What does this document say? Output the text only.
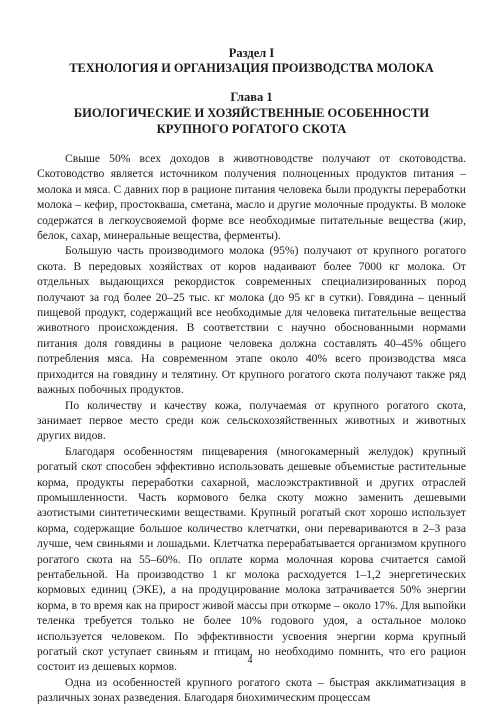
Раздел I

ТЕХНОЛОГИЯ И ОРГАНИЗАЦИЯ ПРОИЗВОДСТВА МОЛОКА

Глава 1

БИОЛОГИЧЕСКИЕ И ХОЗЯЙСТВЕННЫЕ ОСОБЕННОСТИ
КРУПНОГО РОГАТОГО СКОТА

Свыше 50% всех доходов в животноводстве получают от скотоводства. Скотоводство является источником получения полноценных продуктов питания – молока и мяса. С давних пор в рационе питания человека были продукты переработки молока – кефир, простокваша, сметана, масло и другие молочные продукты. В молоке содержатся в легкоусвояемой форме все необходимые питательные вещества (жир, белок, сахар, минеральные вещества, ферменты).

Большую часть производимого молока (95%) получают от крупного рогатого скота. В передовых хозяйствах от коров надаивают более 7000 кг молока. От отдельных выдающихся рекордисток современных специализированных пород получают за год более 20–25 тыс. кг молока (до 95 кг в сутки). Говядина – ценный пищевой продукт, содержащий все необходимые для человека питательные вещества животного происхождения. В соответствии с научно обоснованными нормами питания доля говядины в рационе человека должна составлять 40–45% общего потребления мяса. На современном этапе около 40% всего производства мяса приходится на говядину и телятину. От крупного рогатого скота получают также ряд важных побочных продуктов.

По количеству и качеству кожа, получаемая от крупного рогатого скота, занимает первое место среди кож сельскохозяйственных животных и животных других видов.

Благодаря особенностям пищеварения (многокамерный желудок) крупный рогатый скот способен эффективно использовать дешевые объемистые растительные корма, продукты переработки сахарной, маслоэкстрактивной и других отраслей промышленности. Часть кормового белка скоту можно заменить дешевыми азотистыми синтетическими веществами. Крупный рогатый скот хорошо использует корма, содержащие большое количество клетчатки, они перевариваются в 2–3 раза лучше, чем свиньями и лошадьми. Клетчатка перерабатывается организмом крупного рогатого скота на 55–60%. По оплате корма молочная корова считается самой рентабельной. На производство 1 кг молока расходуется 1–1,2 энергетических кормовых единиц (ЭКЕ), а на продуцирование молока затрачивается 50% энергии корма, в то время как на прирост живой массы при откорме – около 17%. Для выпойки теленка требуется только не более 10% годового удоя, а остальное молоко используется человеком. По эффективности усвоения энергии корма крупный рогатый скот уступает свиньям и птицам, но необходимо помнить, что его рацион состоит из дешевых кормов.

Одна из особенностей крупного рогатого скота – быстрая акклиматизация в различных зонах разведения. Благодаря биохимическим процессам

4
